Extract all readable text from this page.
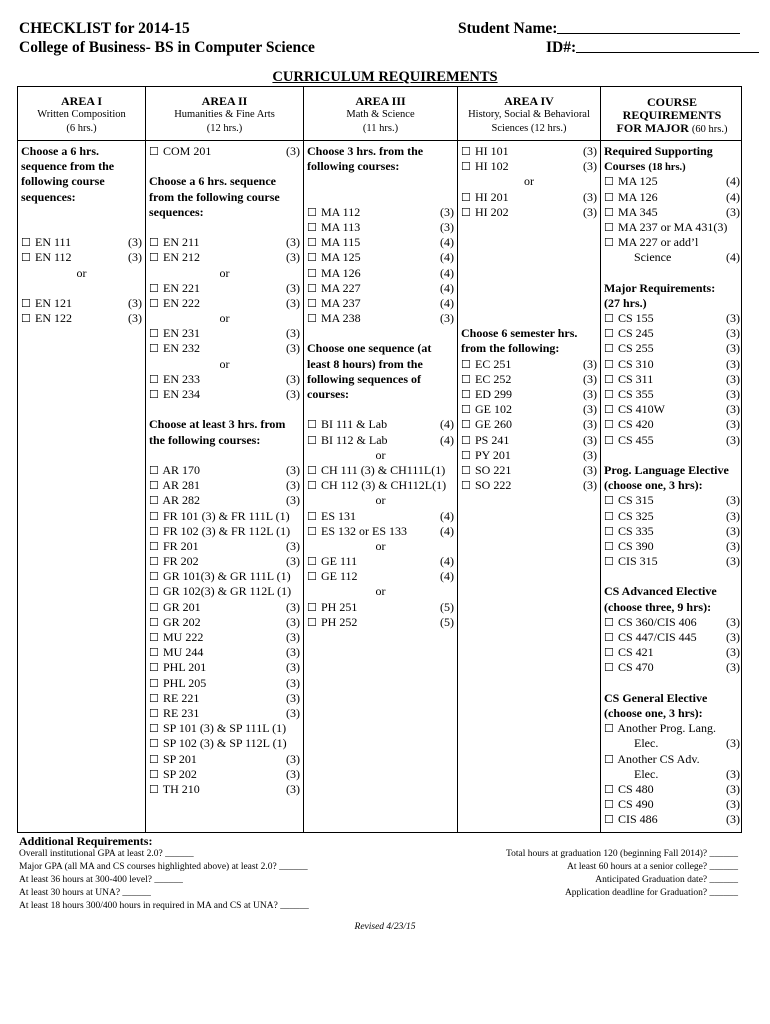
CHECKLIST for 2014-15
College of Business- BS in Computer Science
Student Name:
ID#:
CURRICULUM REQUIREMENTS
AREA I
Written Composition
(6 hrs.)
Choose a 6 hrs.
sequence from the
following course
sequences:
☐ EN 111	(3)
☐ EN 112	(3)
or
☐ EN 121	(3)
☐ EN 122	(3)
AREA II
Humanities & Fine Arts
(12 hrs.)
☐ COM 201	(3)
Choose a 6 hrs. sequence
from the following course
sequences:
☐ EN 211	(3)
☐ EN 212	(3)
or
☐ EN 221	(3)
☐ EN 222	(3)
or
☐ EN 231	(3)
☐ EN 232	(3)
or
☐ EN 233	(3)
☐ EN 234	(3)
Choose at least 3 hrs. from
the following courses:
☐ AR 170	(3)
☐ AR 281	(3)
☐ AR 282	(3)
☐ FR 101 (3) & FR 111L (1)
☐ FR 102 (3) & FR 112L (1)
☐ FR 201	(3)
☐ FR 202	(3)
☐ GR 101(3) & GR 111L (1)
☐ GR 102(3) & GR 112L (1)
☐ GR 201	(3)
☐ GR 202	(3)
☐ MU 222	(3)
☐ MU 244	(3)
☐ PHL 201	(3)
☐ PHL 205	(3)
☐ RE 221	(3)
☐ RE 231	(3)
☐ SP 101 (3) & SP 111L (1)
☐ SP 102 (3) & SP 112L (1)
☐ SP 201	(3)
☐ SP 202	(3)
☐ TH 210	(3)
AREA III
Math & Science
(11 hrs.)
Choose 3 hrs. from the
following courses:
☐ MA 112	(3)
☐ MA 113	(3)
☐ MA 115	(4)
☐ MA 125	(4)
☐ MA 126	(4)
☐ MA 227	(4)
☐ MA 237	(4)
☐ MA 238	(3)
Choose one sequence (at
least 8 hours) from the
following sequences of
courses:
☐ BI 111 & Lab	(4)
☐ BI 112 & Lab	(4)
or
☐ CH 111 (3) & CH111L(1)
☐ CH 112 (3) & CH112L(1)
or
☐ ES 131	(4)
☐ ES 132 or ES 133	(4)
or
☐ GE 111	(4)
☐ GE 112	(4)
or
☐ PH 251	(5)
☐ PH 252	(5)
AREA IV
History, Social & Behavioral
Sciences (12 hrs.)
☐ HI 101	(3)
☐ HI 102	(3)
or
☐ HI 201	(3)
☐ HI 202	(3)
Choose 6 semester hrs.
from the following:
☐ EC 251	(3)
☐ EC 252	(3)
☐ ED 299	(3)
☐ GE 102	(3)
☐ GE 260	(3)
☐ PS 241	(3)
☐ PY 201	(3)
☐ SO 221	(3)
☐ SO 222	(3)
COURSE
REQUIREMENTS
FOR MAJOR (60 hrs.)
Required Supporting
Courses (18 hrs.)
☐ MA 125	(4)
☐ MA 126	(4)
☐ MA 345	(3)
☐ MA 237 or MA 431(3)
☐ MA 227 or add’l
Science	(4)
Major Requirements:
(27 hrs.)
☐ CS 155	(3)
☐ CS 245	(3)
☐ CS 255	(3)
☐ CS 310	(3)
☐ CS 311	(3)
☐ CS 355	(3)
☐ CS 410W	(3)
☐ CS 420	(3)
☐ CS 455	(3)
Prog. Language Elective
(choose one, 3 hrs):
☐ CS 315	(3)
☐ CS 325	(3)
☐ CS 335	(3)
☐ CS 390	(3)
☐ CIS 315	(3)
CS Advanced Elective
(choose three, 9 hrs):
☐ CS 360/CIS 406 (3)
☐ CS 447/CIS 445 (3)
☐ CS 421	(3)
☐ CS 470	(3)
CS General Elective
(choose one, 3 hrs):
☐ Another Prog. Lang.
Elec.	(3)
☐ Another CS Adv.
Elec.	(3)
☐ CS 480	(3)
☐ CS 490	(3)
☐ CIS 486	(3)
Additional Requirements:
Overall institutional GPA at least 2.0? ______
Major GPA (all MA and CS courses highlighted above) at least 2.0? ______
At least 36 hours at 300-400 level? ______
At least 30 hours at UNA? ______
At least 18 hours 300/400 hours in required in MA and CS at UNA? ______
Total hours at graduation 120 (beginning Fall 2014)? ______
At least 60 hours at a senior college? ______
Anticipated Graduation date? ______
Application deadline for Graduation? ______
Revised 4/23/15
